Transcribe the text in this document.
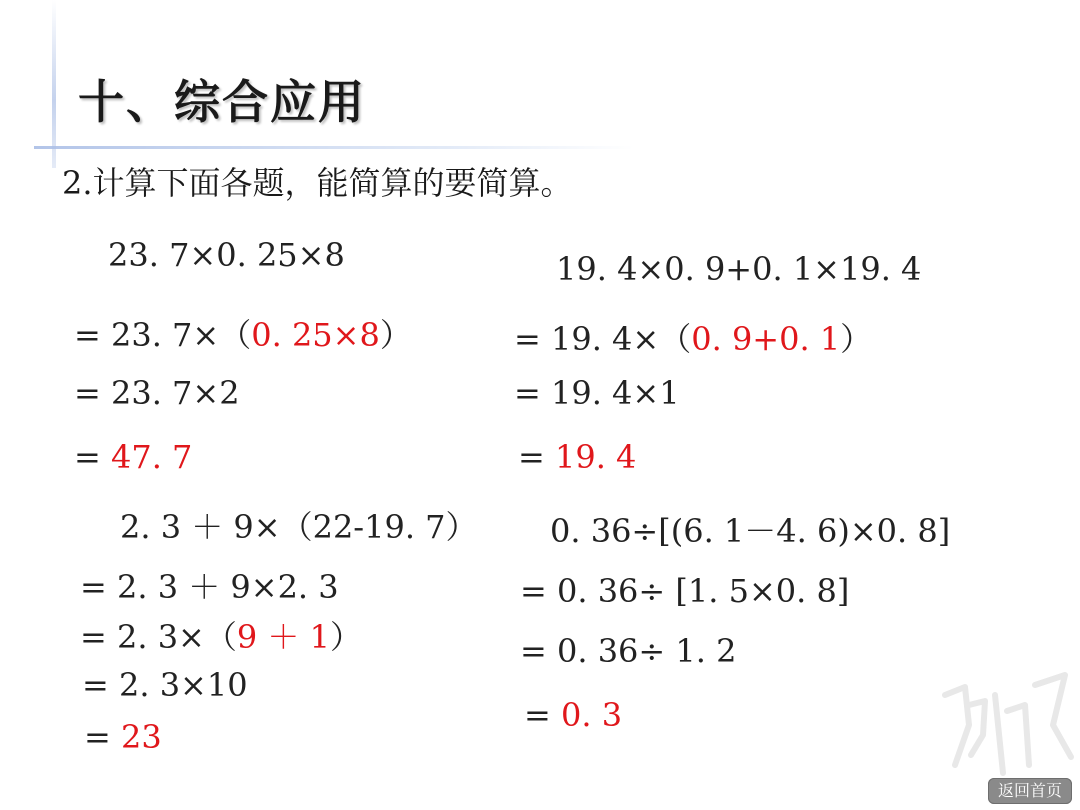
十、综合应用
2.计算下面各题，能简算的要简算。
23. 7×0. 25×8
= 23. 7×（0. 25×8）
= 23. 7×2
= 47. 7
19. 4×0. 9+0. 1×19. 4
= 19. 4×（0. 9+0. 1）
= 19. 4×1
= 19. 4
2. 3 ＋ 9×（22-19. 7）
= 2. 3 ＋ 9×2. 3
= 2. 3×（9 ＋ 1）
= 2. 3×10
= 23
0. 36÷[(6. 1－4. 6)×0. 8]
= 0. 36÷ [1. 5×0. 8]
= 0. 36÷ 1. 2
= 0. 3
返回首页
